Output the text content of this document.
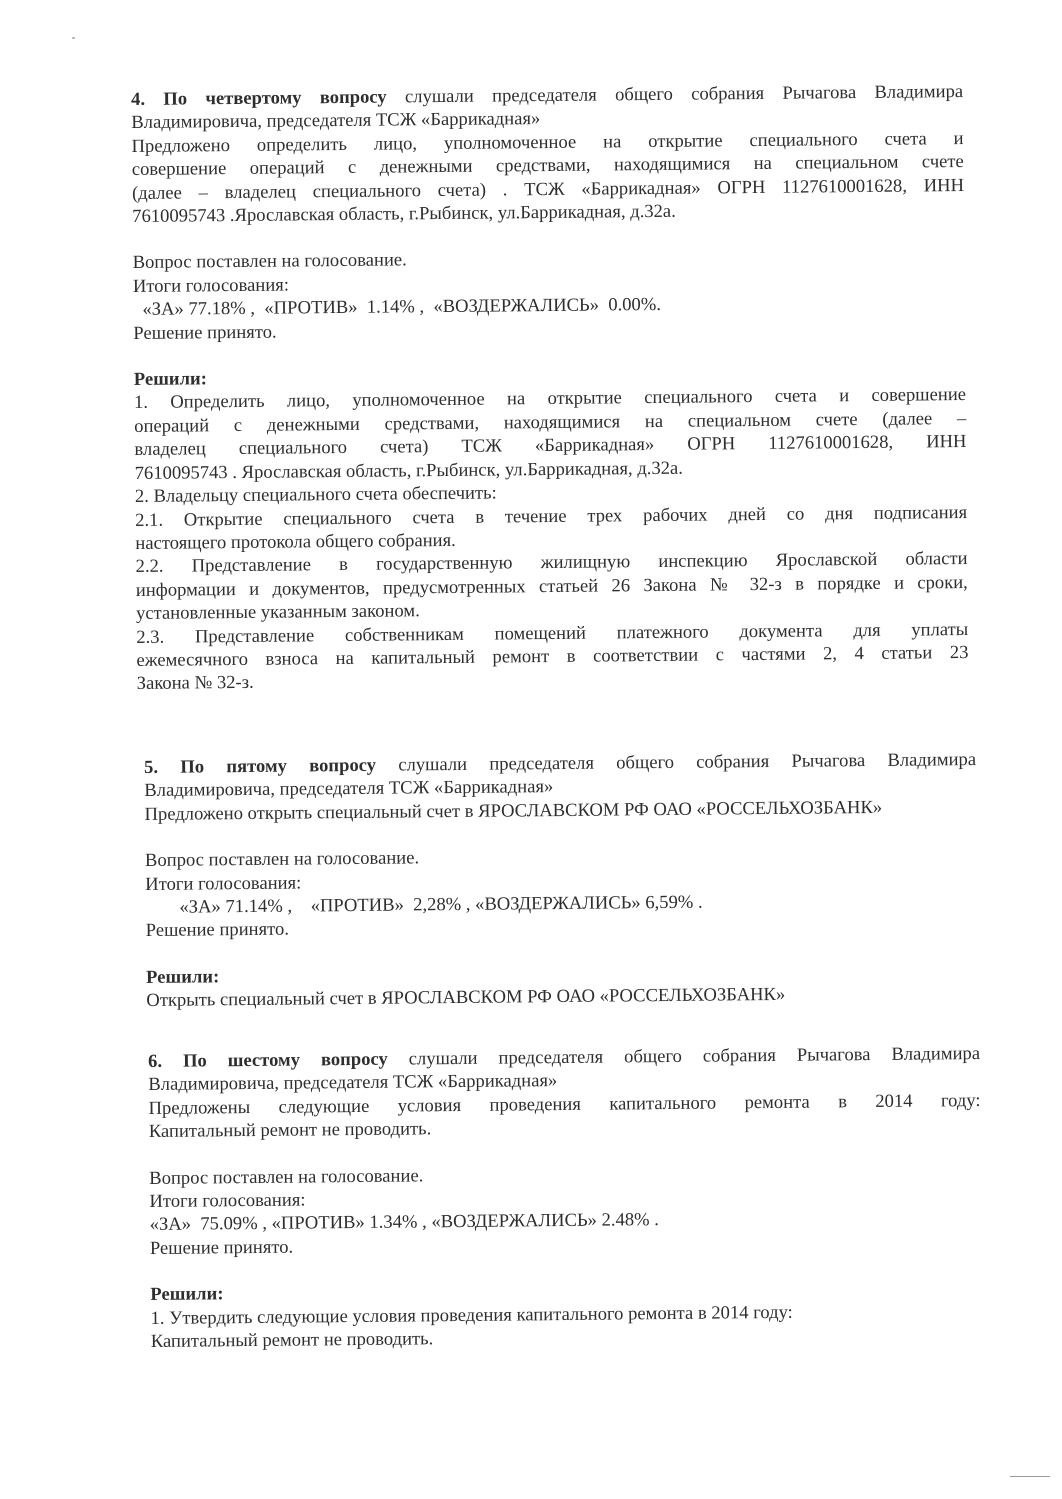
4. По четвертому вопросу слушали председателя общего собрания Рычагова Владимира

Владимировича, председателя ТСЖ «Баррикадная»

Предложено определить лицо, уполномоченное на открытие специального счета и

совершение операций с денежными средствами, находящимися на специальном счете

(далее – владелец специального счета) . ТСЖ «Баррикадная» ОГРН 1127610001628, ИНН

7610095743 .Ярославская область, г.Рыбинск, ул.Баррикадная, д.32а.

Вопрос поставлен на голосование.

Итоги голосования:

«ЗА» 77.18% ,  «ПРОТИВ»  1.14% ,  «ВОЗДЕРЖАЛИСЬ»  0.00%.

Решение принято.

Решили:

1. Определить лицо, уполномоченное на открытие специального счета и совершение

операций с денежными средствами, находящимися на специальном счете (далее –

владелец специального счета) ТСЖ «Баррикадная» ОГРН 1127610001628, ИНН

7610095743 . Ярославская область, г.Рыбинск, ул.Баррикадная, д.32а.

2. Владельцу специального счета обеспечить:

2.1. Открытие специального счета в течение трех рабочих дней со дня подписания

настоящего протокола общего собрания.

2.2. Представление в государственную жилищную инспекцию Ярославской области

информации и документов, предусмотренных статьей 26 Закона № 32-з в порядке и сроки,

установленные указанным законом.

2.3. Представление собственникам помещений платежного документа для уплаты

ежемесячного взноса на капитальный ремонт в соответствии с частями 2, 4 статьи 23

Закона № 32-з.

5. По пятому вопросу слушали председателя общего собрания Рычагова Владимира

Владимировича, председателя ТСЖ «Баррикадная»

Предложено открыть специальный счет в ЯРОСЛАВСКОМ РФ ОАО «РОССЕЛЬХОЗБАНК»

Вопрос поставлен на голосование.

Итоги голосования:

«ЗА» 71.14% ,    «ПРОТИВ»  2,28% , «ВОЗДЕРЖАЛИСЬ» 6,59% .

Решение принято.

Решили:

Открыть специальный счет в ЯРОСЛАВСКОМ РФ ОАО «РОССЕЛЬХОЗБАНК»

6. По шестому вопросу слушали председателя общего собрания Рычагова Владимира

Владимировича, председателя ТСЖ «Баррикадная»

Предложены следующие условия проведения капитального ремонта в 2014 году:

Капитальный ремонт не проводить.

Вопрос поставлен на голосование.

Итоги голосования:

«ЗА»  75.09% , «ПРОТИВ» 1.34% , «ВОЗДЕРЖАЛИСЬ» 2.48% .

Решение принято.

Решили:

1. Утвердить следующие условия проведения капитального ремонта в 2014 году:

Капитальный ремонт не проводить.
